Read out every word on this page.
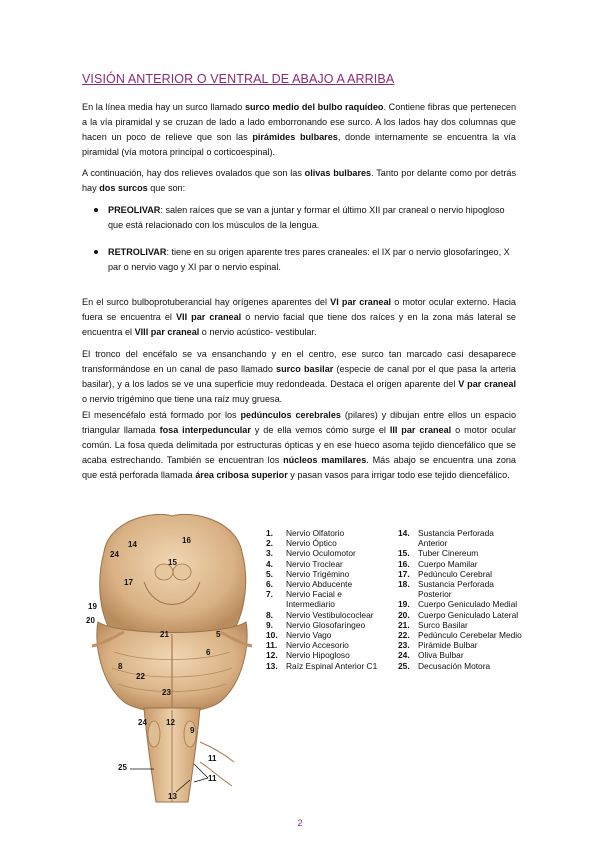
VISIÓN ANTERIOR O VENTRAL DE ABAJO A ARRIBA
En la línea media hay un surco llamado surco medio del bulbo raquídeo. Contiene fibras que pertenecen a la vía piramidal y se cruzan de lado a lado emborronando ese surco. A los lados hay dos columnas que hacen un poco de relieve que son las pirámides bulbares, donde internamente se encuentra la vía piramidal (vía motora principal o corticoespinal).
A continuación, hay dos relieves ovalados que son las olivas bulbares. Tanto por delante como por detrás hay dos surcos que son:
PREOLIVAR: salen raíces que se van a juntar y formar el último XII par craneal o nervio hipogloso que está relacionado con los músculos de la lengua.
RETROLIVAR: tiene en su origen aparente tres pares craneales: el IX par o nervio glosofaríngeo, X par o nervio vago y XI par o nervio espinal.
En el surco bulboprotuberancial hay orígenes aparentes del VI par craneal o motor ocular externo. Hacia fuera se encuentra el VII par craneal o nervio facial que tiene dos raíces y en la zona más lateral se encuentra el VIII par craneal o nervio acústico- vestibular.
El tronco del encéfalo se va ensanchando y en el centro, ese surco tan marcado casi desaparece transformándose en un canal de paso llamado surco basilar (especie de canal por el que pasa la arteria basilar), y a los lados se ve una superficie muy redondeada. Destaca el origen aparente del V par craneal o nervio trigémino que tiene una raíz muy gruesa.
El mesencéfalo está formado por los pedúnculos cerebrales (pilares) y dibujan entre ellos un espacio triangular llamada fosa interpeduncular y de ella vemos cómo surge el III par craneal o motor ocular común. La fosa queda delimitada por estructuras ópticas y en ese hueco asoma tejido diencefálico que se acaba estrechando. También se encuentran los núcleos mamilares. Más abajo se encuentra una zona que está perforada llamada área cribosa superior y pasan vasos para irrigar todo ese tejido diencefálico.
14
24
16
17
15
19
20
21	5
6
8
22
23
24 12
9
25
11
11
13
1.	Nervio Olfatorio
2.	Nervio Óptico
3.	Nervio Oculomotor
4.	Nervio Troclear
5.	Nervio Trigémino
6.	Nervio Abducente
7.	Nervio Facial e
Intermediario
8.	Nervio Vestibulococlear
9.	Nervio Glosofaríngeo
10. Nervio Vago
11.	Nervio Accesorio
12. Nervio Hipogloso
13. Raíz Espinal Anterior C1
14. Sustancia Perforada
Anterior
15. Tuber Cinereum
16. Cuerpo Mamilar
17. Pedúnculo Cerebral
18. Sustancia Perforada
Posterior
19. Cuerpo Geniculado Medial
20. Cuerpo Geniculado Lateral
21. Surco Basilar
22. Pedúnculo Cerebelar Medio
23. Pirámide Bulbar
24. Oliva Bulbar
25. Decusación Motora
2
